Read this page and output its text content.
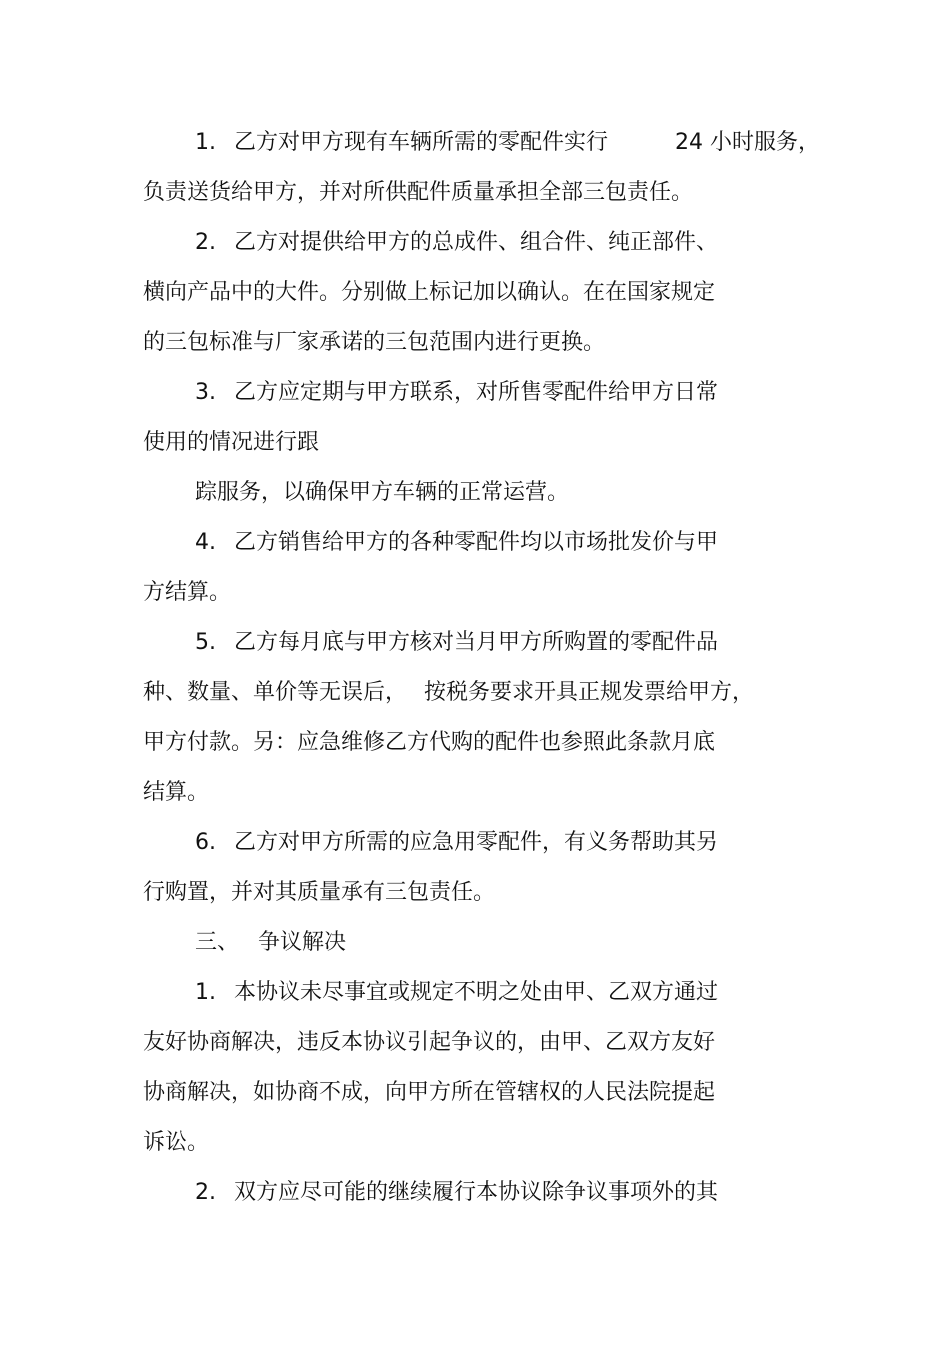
1. 乙方对甲方现有车辆所需的零配件实行	24 小时服务，
负责送货给甲方，并对所供配件质量承担全部三包责任。
2. 乙方对提供给甲方的总成件、组合件、纯正部件、
横向产品中的大件。分别做上标记加以确认。在在国家规定
的三包标准与厂家承诺的三包范围内进行更换。
3. 乙方应定期与甲方联系，对所售零配件给甲方日常
使用的情况进行跟
踪服务，以确保甲方车辆的正常运营。
4. 乙方销售给甲方的各种零配件均以市场批发价与甲
方结算。
5. 乙方每月底与甲方核对当月甲方所购置的零配件品
种、数量、单价等无误后， 按税务要求开具正规发票给甲方，
甲方付款。另：应急维修乙方代购的配件也参照此条款月底
结算。
6. 乙方对甲方所需的应急用零配件，有义务帮助其另
行购置，并对其质量承有三包责任。
三、 争议解决
1. 本协议未尽事宜或规定不明之处由甲、乙双方通过
友好协商解决，违反本协议引起争议的，由甲、乙双方友好
协商解决，如协商不成，向甲方所在管辖权的人民法院提起
诉讼。
2. 双方应尽可能的继续履行本协议除争议事项外的其
